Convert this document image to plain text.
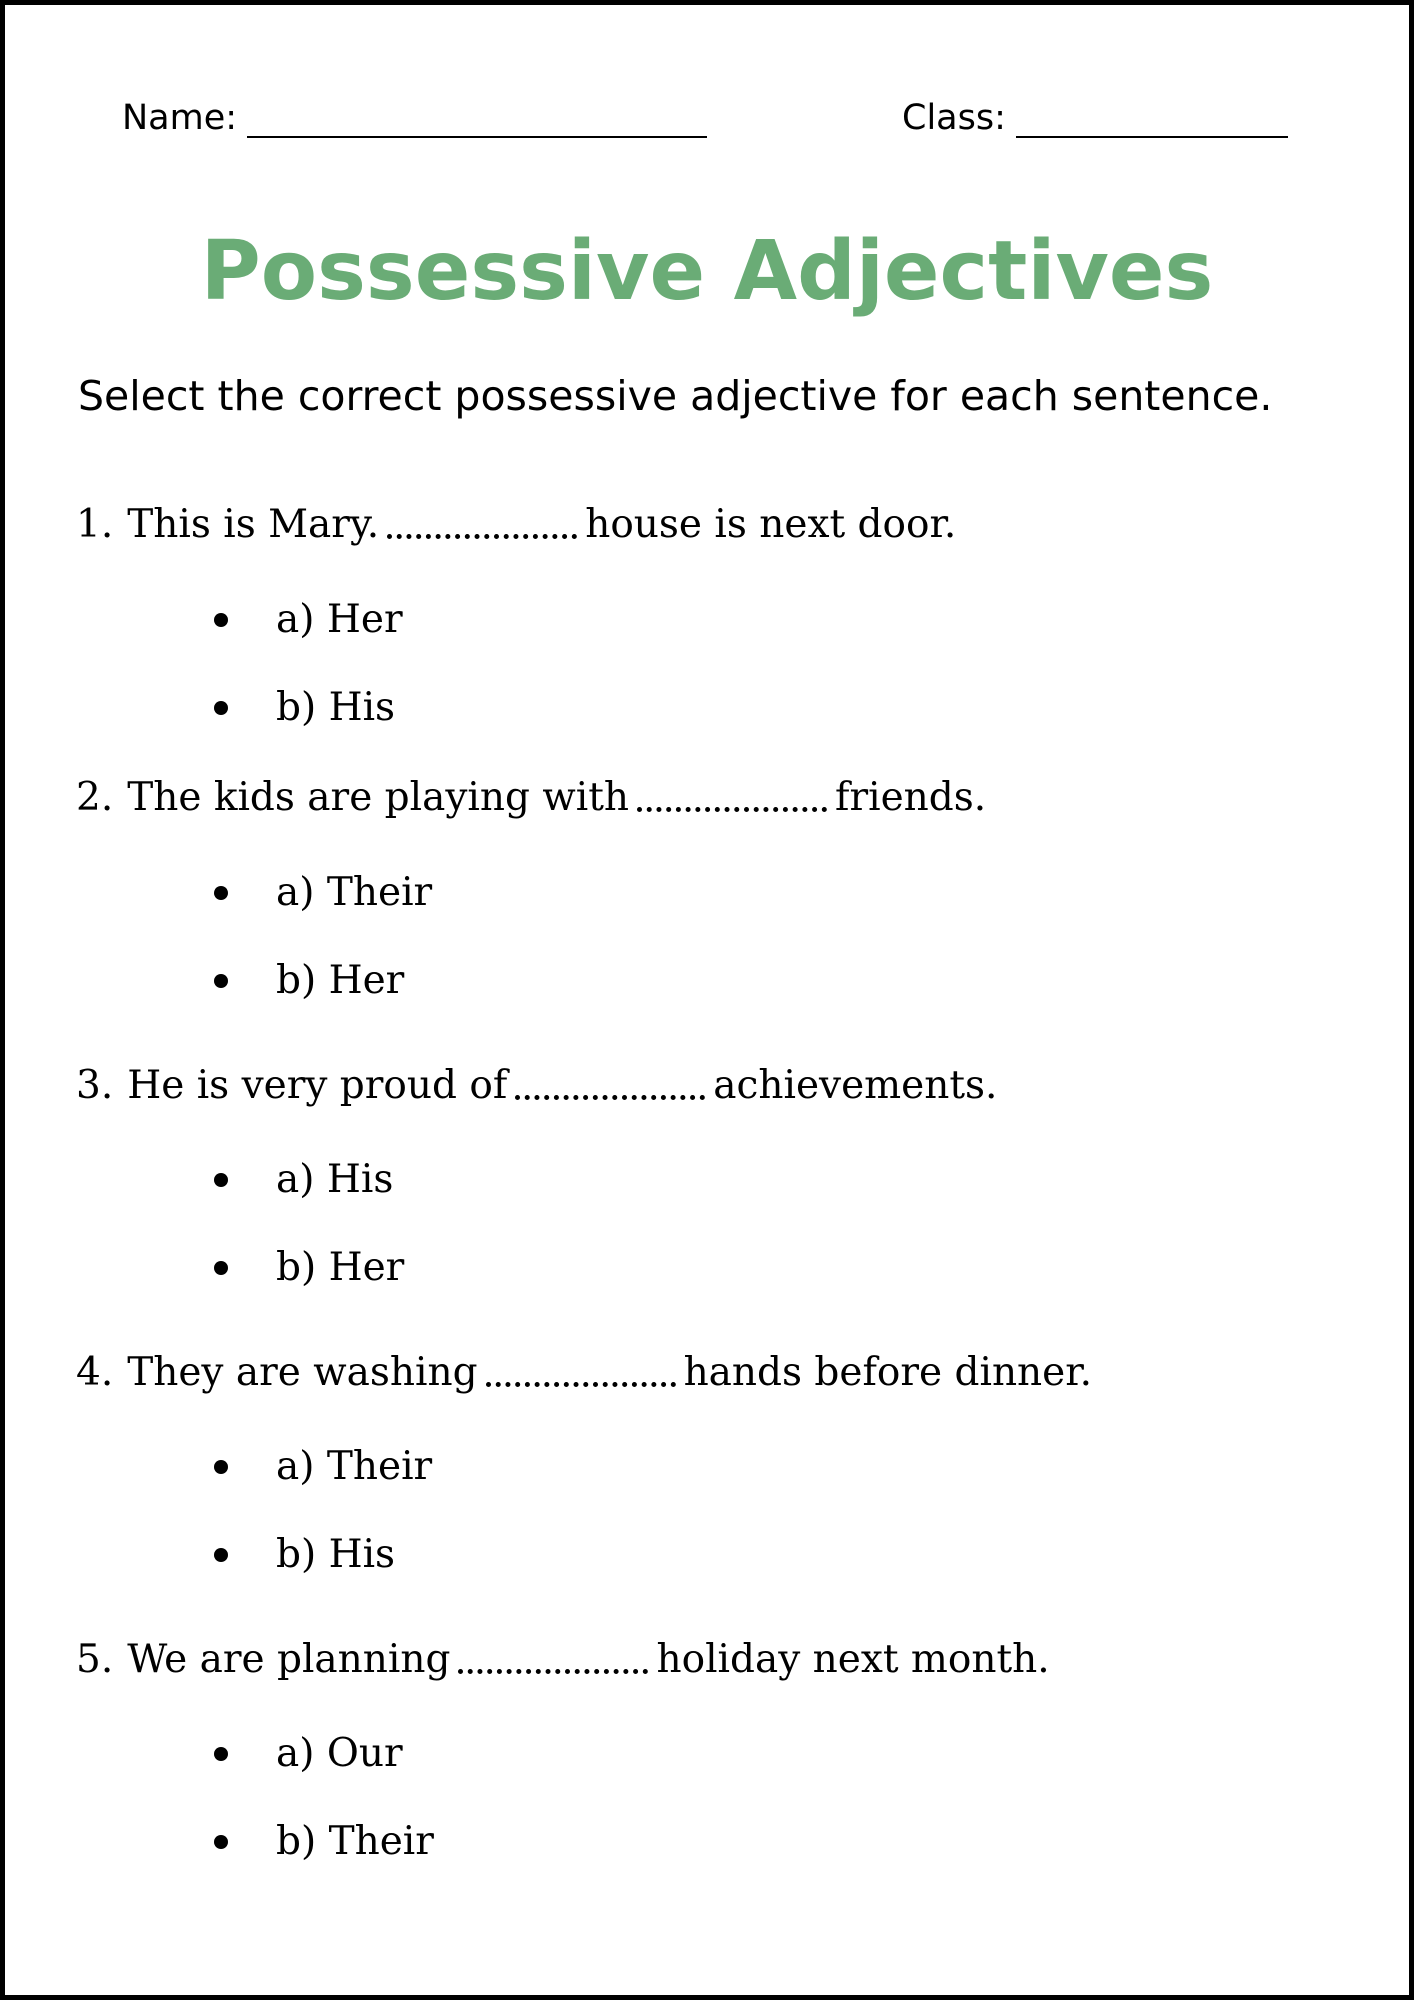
Name:	Class:
Possessive Adjectives

Select the correct possessive adjective for each sentence.

1. This is Mary.	house is next door.
a) Her
b) His
2. The kids are playing with	friends.
a) Their
b) Her
3. He is very proud of	achievements.
a) His
b) Her
4. They are washing	hands before dinner.
a) Their
b) His
5. We are planning	holiday next month.
a) Our
b) Their
